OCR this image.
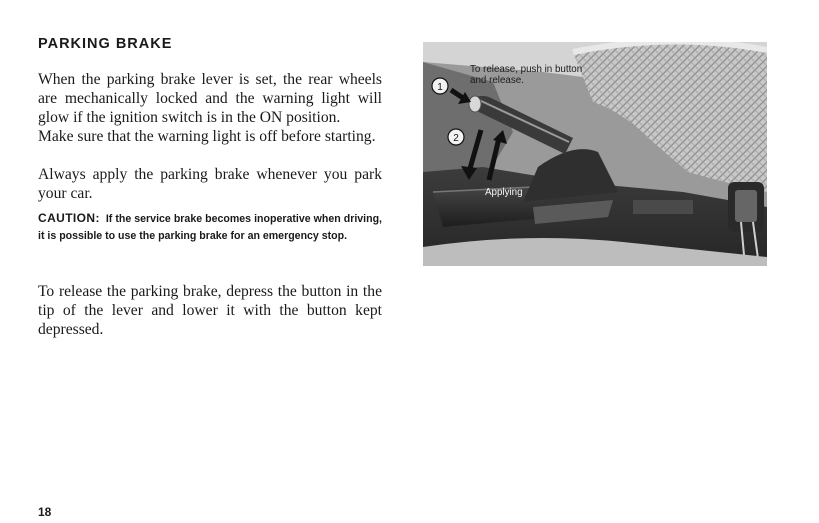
PARKING BRAKE

When the parking brake lever is set, the rear wheels are mechanically locked and the warning light will glow if the ignition switch is in the ON position.

Make sure that the warning light is off before starting.

Always apply the parking brake whenever you park your car.

CAUTION: If the service brake becomes inoperative when driving, it is possible to use the parking brake for an emergency stop.

To release the parking brake, depress the button in the tip of the lever and lower it with the button kept depressed.

1
2
To release, push in button
and release.
Applying
18
